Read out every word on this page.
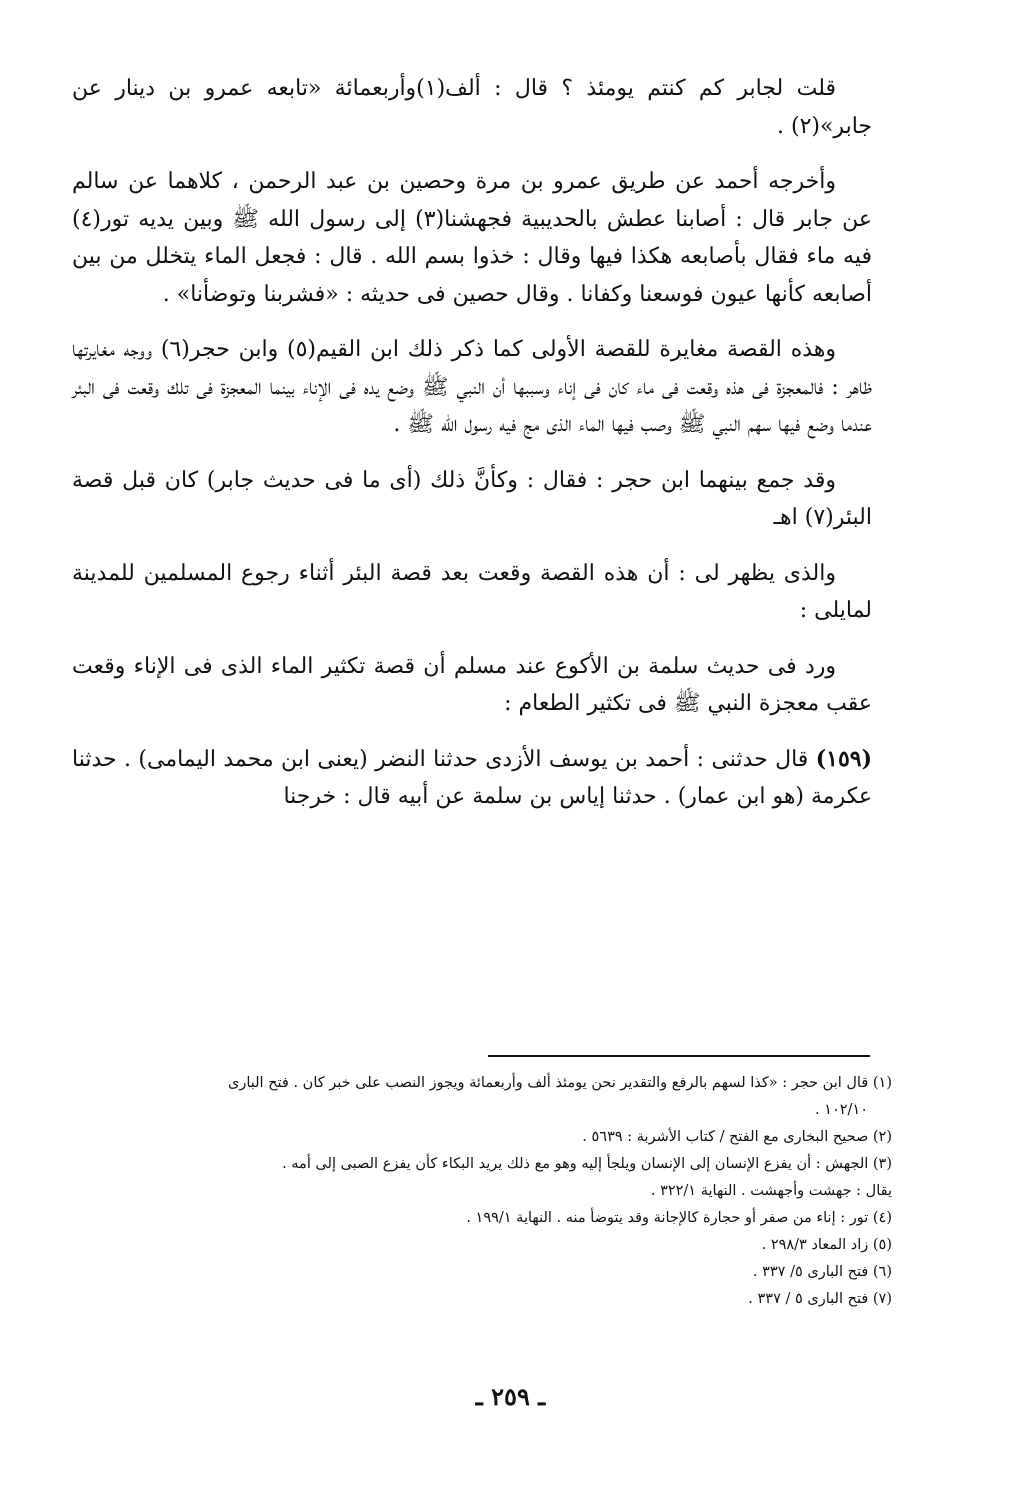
قلت لجابر كم كنتم يومئذ ؟ قال : ألف(١)وأربعمائة «تابعه عمرو بن دينار عن جابر»(٢) .

وأخرجه أحمد عن طريق عمرو بن مرة وحصين بن عبد الرحمن ، كلاهما عن سالم عن جابر قال : أصابنا عطش بالحديبية فجهشنا(٣) إلى رسول الله ﷺ وبين يديه تور(٤) فيه ماء فقال بأصابعه هكذا فيها وقال : خذوا بسم الله . قال : فجعل الماء يتخلل من بين أصابعه كأنها عيون فوسعنا وكفانا . وقال حصين فى حديثه : «فشربنا وتوضأنا» .

وهذه القصة مغايرة للقصة الأولى كما ذكر ذلك ابن القيم(٥) وابن حجر(٦) ووجه مغايرتها ظاهر : فالمعجزة فى هذه وقعت فى ماء كان فى إناء وسببها أن النبي ﷺ وضع يده فى الإناء بينما المعجزة فى تلك وقعت فى البئر عندما وضع فيها سهم النبي ﷺ وصب فيها الماء الذى مج فيه رسول الله ﷺ .

وقد جمع بينهما ابن حجر : فقال : وكأنَّ ذلك (أى ما فى حديث جابر) كان قبل قصة البئر(٧) اهـ

والذى يظهر لى : أن هذه القصة وقعت بعد قصة البئر أثناء رجوع المسلمين للمدينة لمايلى :

ورد فى حديث سلمة بن الأكوع عند مسلم أن قصة تكثير الماء الذى فى الإناء وقعت عقب معجزة النبي ﷺ فى تكثير الطعام :

(١٥٩) قال حدثنى : أحمد بن يوسف الأزدى حدثنا النضر (يعنى ابن محمد اليمامى) . حدثنا عكرمة (هو ابن عمار) . حدثنا إياس بن سلمة عن أبيه قال : خرجنا

(١) قال ابن حجر : «كذا لسهم بالرفع والتقدير نحن يومئذ ألف وأربعمائة ويجوز النصب على خبر كان . فتح البارى

١٠٢/١٠ .

(٢) صحيح البخارى مع الفتح / كتاب الأشربة : ٥٦٣٩ .

(٣) الجهش : أن يفزع الإنسان إلى الإنسان ويلجأ إليه وهو مع ذلك يريد البكاء كأن يفزع الصبى إلى أمه .

يقال : جهشت وأجهشت . النهاية ٣٢٢/١ .

(٤) تور : إناء من صفر أو حجارة كالإجانة وقد يتوضأ منه . النهاية ١٩٩/١ .

(٥) زاد المعاد ٢٩٨/٣ .

(٦) فتح البارى ٥/ ٣٣٧ .

(٧) فتح البارى ٥ / ٣٣٧ .

ـ ٢٥٩ ـ
